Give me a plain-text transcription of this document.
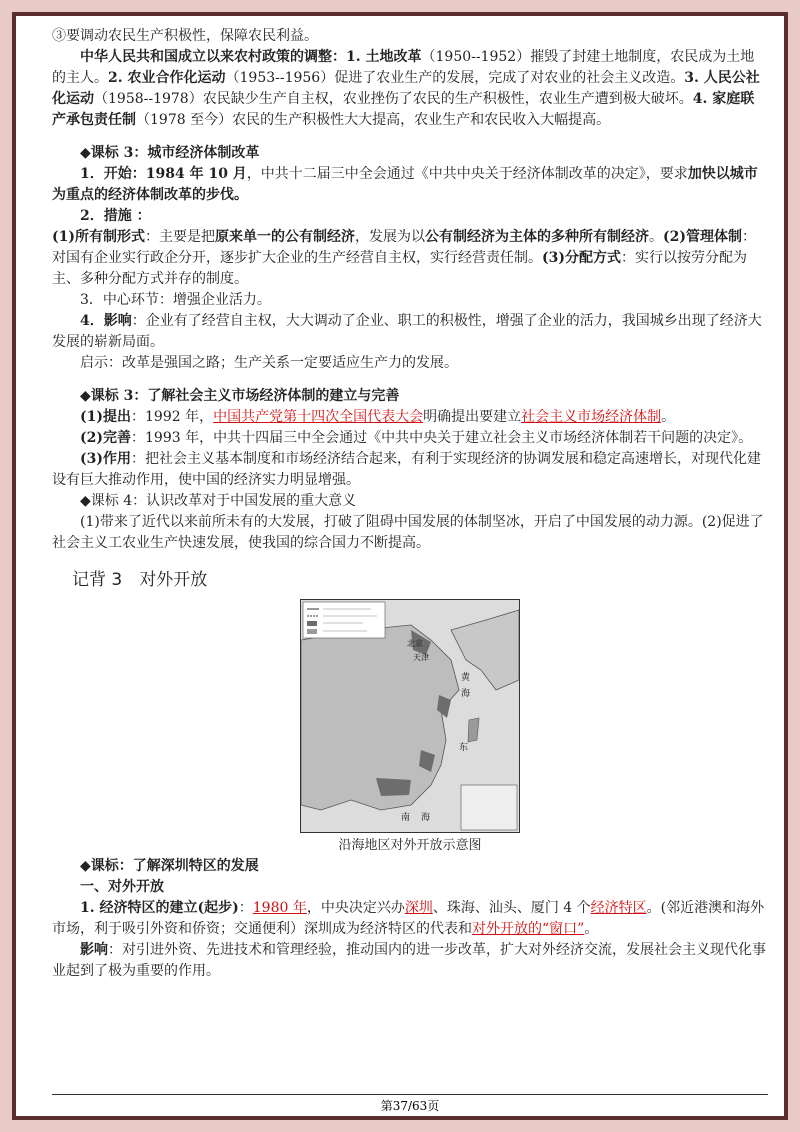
③要调动农民生产积极性，保障农民利益。

中华人民共和国成立以来农村政策的调整：1. 土地改革（1950--1952）摧毁了封建土地制度，农民成为土地的主人。2. 农业合作化运动（1953--1956）促进了农业生产的发展，完成了对农业的社会主义改造。3. 人民公社化运动（1958--1978）农民缺少生产自主权，农业挫伤了农民的生产积极性，农业生产遭到极大破坏。4. 家庭联产承包责任制（1978 至今）农民的生产积极性大大提高，农业生产和农民收入大幅提高。

◆课标 3：城市经济体制改革

1．开始：1984 年 10 月，中共十二届三中全会通过《中共中央关于经济体制改革的决定》，要求加快以城市为重点的经济体制改革的步伐。

2．措施 ：

(1)所有制形式：主要是把原来单一的公有制经济，发展为以公有制经济为主体的多种所有制经济。(2)管理体制：对国有企业实行政企分开，逐步扩大企业的生产经营自主权，实行经营责任制。(3)分配方式：实行以按劳分配为主、多种分配方式并存的制度。

3．中心环节：增强企业活力。

4．影响：企业有了经营自主权，大大调动了企业、职工的积极性，增强了企业的活力，我国城乡出现了经济大发展的崭新局面。

启示：改革是强国之路；生产关系一定要适应生产力的发展。

◆课标 3：了解社会主义市场经济体制的建立与完善

(1)提出：1992 年，中国共产党第十四次全国代表大会明确提出要建立社会主义市场经济体制。

(2)完善：1993 年，中共十四届三中全会通过《中共中央关于建立社会主义市场经济体制若干问题的决定》。

(3)作用：把社会主义基本制度和市场经济结合起来，有利于实现经济的协调发展和稳定高速增长，对现代化建设有巨大推动作用，使中国的经济实力明显增强。

◆课标 4：认识改革对于中国发展的重大意义

(1)带来了近代以来前所未有的大发展，打破了阻碍中国发展的体制坚冰，开启了中国发展的动力源。(2)促进了社会主义工农业生产快速发展，使我国的综合国力不断提高。

记背 3　对外开放

北京
天津
黄
海
东
南 海

沿海地区对外开放示意图

◆课标：了解深圳特区的发展

一、对外开放

1. 经济特区的建立(起步)：1980 年，中央决定兴办深圳、珠海、汕头、厦门 4 个经济特区。(邻近港澳和海外市场，利于吸引外资和侨资；交通便利）深圳成为经济特区的代表和对外开放的“窗口”。

影响：对引进外资、先进技术和管理经验，推动国内的进一步改革，扩大对外经济交流，发展社会主义现代化事业起到了极为重要的作用。

第37/63页
